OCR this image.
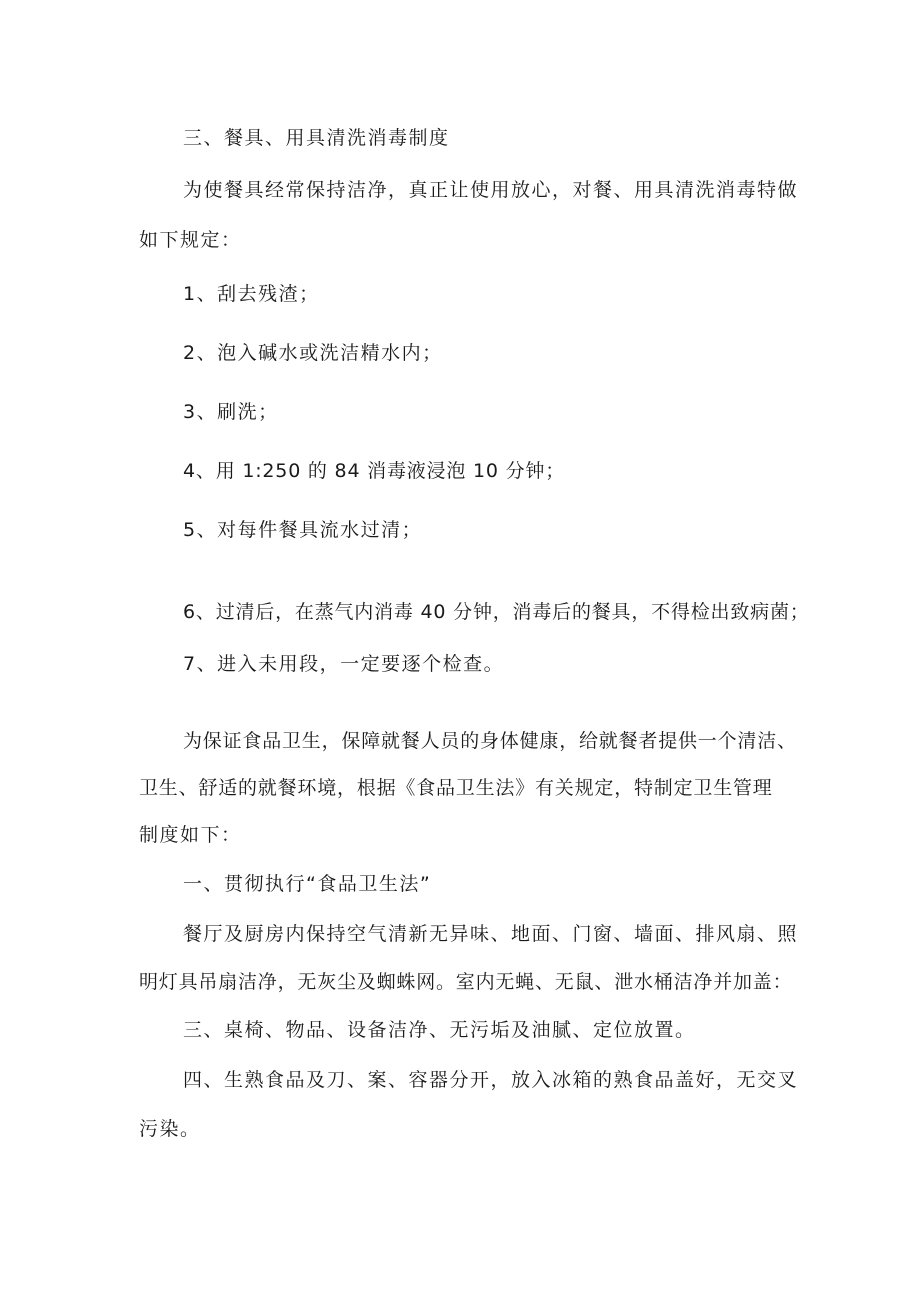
三、餐具、用具清洗消毒制度
为使餐具经常保持洁净，真正让使用放心，对餐、用具清洗消毒特做
如下规定：
1、刮去残渣；
2、泡入碱水或洗洁精水内；
3、刷洗；
4、用 1:250 的 84 消毒液浸泡 10 分钟；
5、对每件餐具流水过清；
6、过清后，在蒸气内消毒 40 分钟，消毒后的餐具，不得检出致病菌；
7、进入未用段，一定要逐个检查。
为保证食品卫生，保障就餐人员的身体健康，给就餐者提供一个清洁、
卫生、舒适的就餐环境，根据《食品卫生法》有关规定，特制定卫生管理
制度如下：
一、贯彻执行“食品卫生法”
餐厅及厨房内保持空气清新无异味、地面、门窗、墙面、排风扇、照
明灯具吊扇洁净，无灰尘及蜘蛛网。室内无蝇、无鼠、泄水桶洁净并加盖：
三、桌椅、物品、设备洁净、无污垢及油腻、定位放置。
四、生熟食品及刀、案、容器分开，放入冰箱的熟食品盖好，无交叉
污染。
